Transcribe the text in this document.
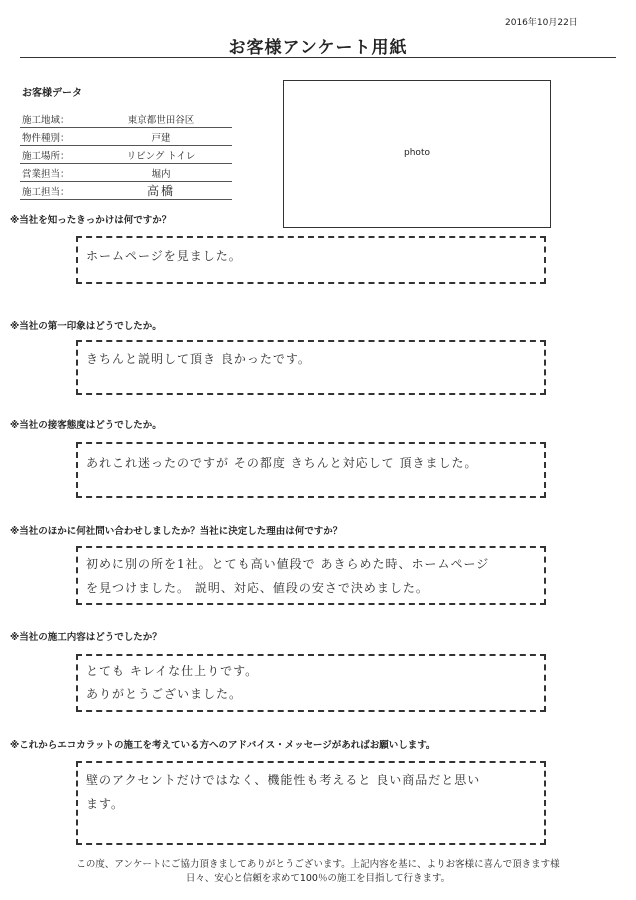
2016年10月22日
お客様アンケート用紙
お客様データ
施工地域：	東京都世田谷区
物件種別：	戸建
施工場所：	リビング トイレ
営業担当：	堀内
施工担当：	高橋
photo
※当社を知ったきっかけは何ですか？
ホームページを見ました。
※当社の第一印象はどうでしたか。
きちんと説明して頂き 良かったです。
※当社の接客態度はどうでしたか。
あれこれ迷ったのですが その都度 きちんと対応して 頂きました。
※当社のほかに何社問い合わせしましたか？当社に決定した理由は何ですか？
初めに別の所を1社。とても高い値段で あきらめた時、ホームページ
を見つけました。 説明、対応、値段の安さで決めました。
※当社の施工内容はどうでしたか？
とても キレイな仕上りです。
ありがとうございました。
※これからエコカラットの施工を考えている方へのアドバイス・メッセージがあればお願いします。
壁のアクセントだけではなく、機能性も考えると 良い商品だと思い
ます。
この度、アンケートにご協力頂きましてありがとうございます。上記内容を基に、よりお客様に喜んで頂きます様
日々、安心と信頼を求めて100％の施工を目指して行きます。
